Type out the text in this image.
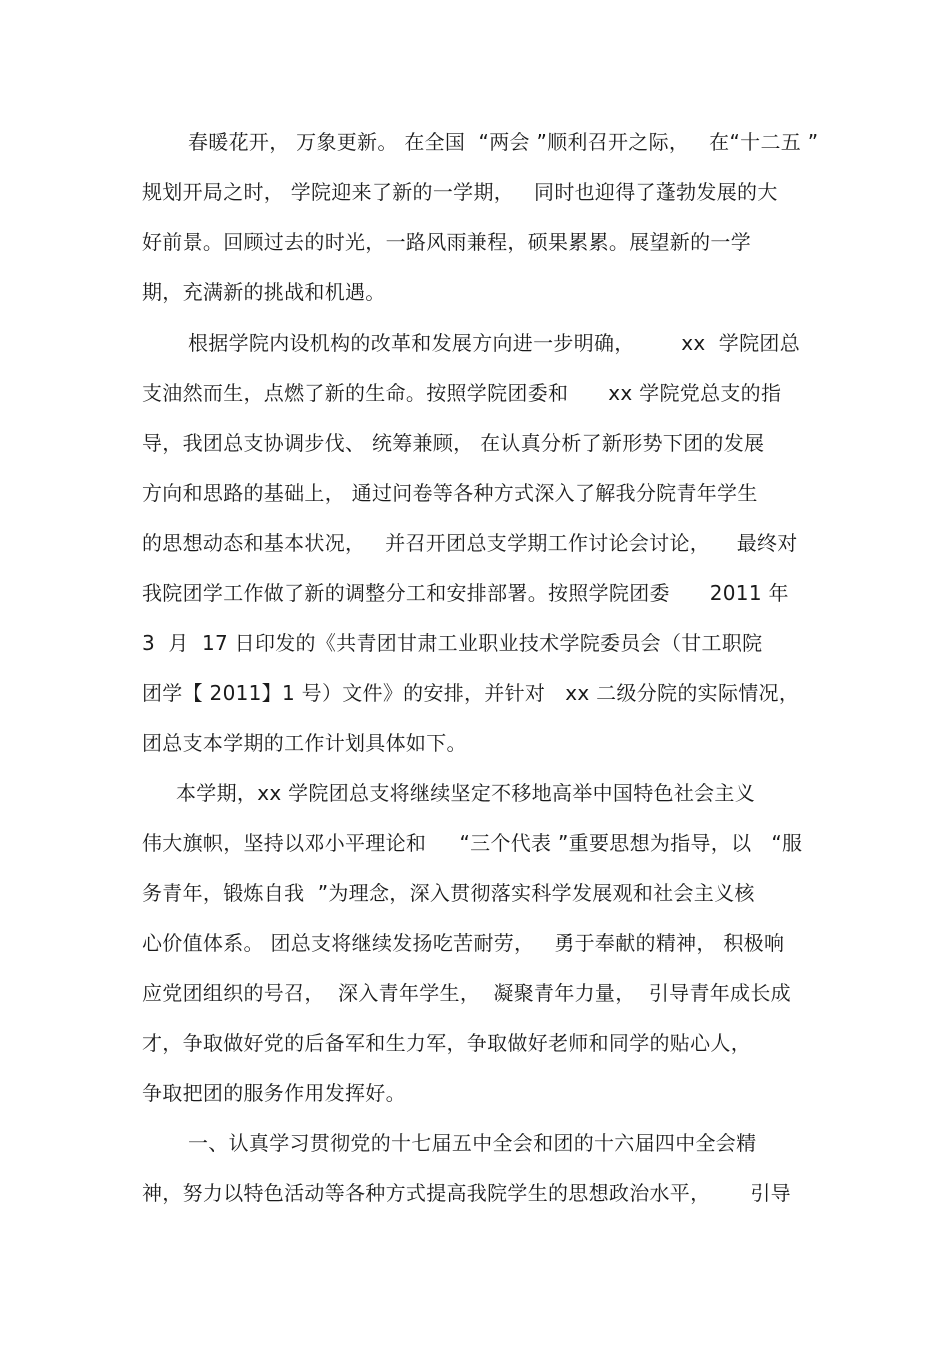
春暖花开， 万象更新。 在全国  “两会 ”顺利召开之际，   在“十二五 ”
规划开局之时， 学院迎来了新的一学期，   同时也迎得了蓬勃发展的大
好前景。回顾过去的时光，一路风雨兼程，硕果累累。展望新的一学
期，充满新的挑战和机遇。
根据学院内设机构的改革和发展方向进一步明确，       xx  学院团总
支油然而生，点燃了新的生命。按照学院团委和      xx 学院党总支的指
导，我团总支协调步伐、 统筹兼顾， 在认真分析了新形势下团的发展
方向和思路的基础上， 通过问卷等各种方式深入了解我分院青年学生
的思想动态和基本状况，   并召开团总支学期工作讨论会讨论，    最终对
我院团学工作做了新的调整分工和安排部署。按照学院团委      2011 年
3  月  17 日印发的《共青团甘肃工业职业技术学院委员会（甘工职院
团学【 2011】1 号）文件》的安排，并针对   xx 二级分院的实际情况，
团总支本学期的工作计划具体如下。
本学期，xx 学院团总支将继续坚定不移地高举中国特色社会主义
伟大旗帜，坚持以邓小平理论和     “三个代表 ”重要思想为指导，以   “服
务青年，锻炼自我  ”为理念，深入贯彻落实科学发展观和社会主义核
心价值体系。 团总支将继续发扬吃苦耐劳，   勇于奉献的精神， 积极响
应党团组织的号召，  深入青年学生，  凝聚青年力量，  引导青年成长成
才，争取做好党的后备军和生力军，争取做好老师和同学的贴心人，
争取把团的服务作用发挥好。
一、认真学习贯彻党的十七届五中全会和团的十六届四中全会精
神，努力以特色活动等各种方式提高我院学生的思想政治水平，      引导
